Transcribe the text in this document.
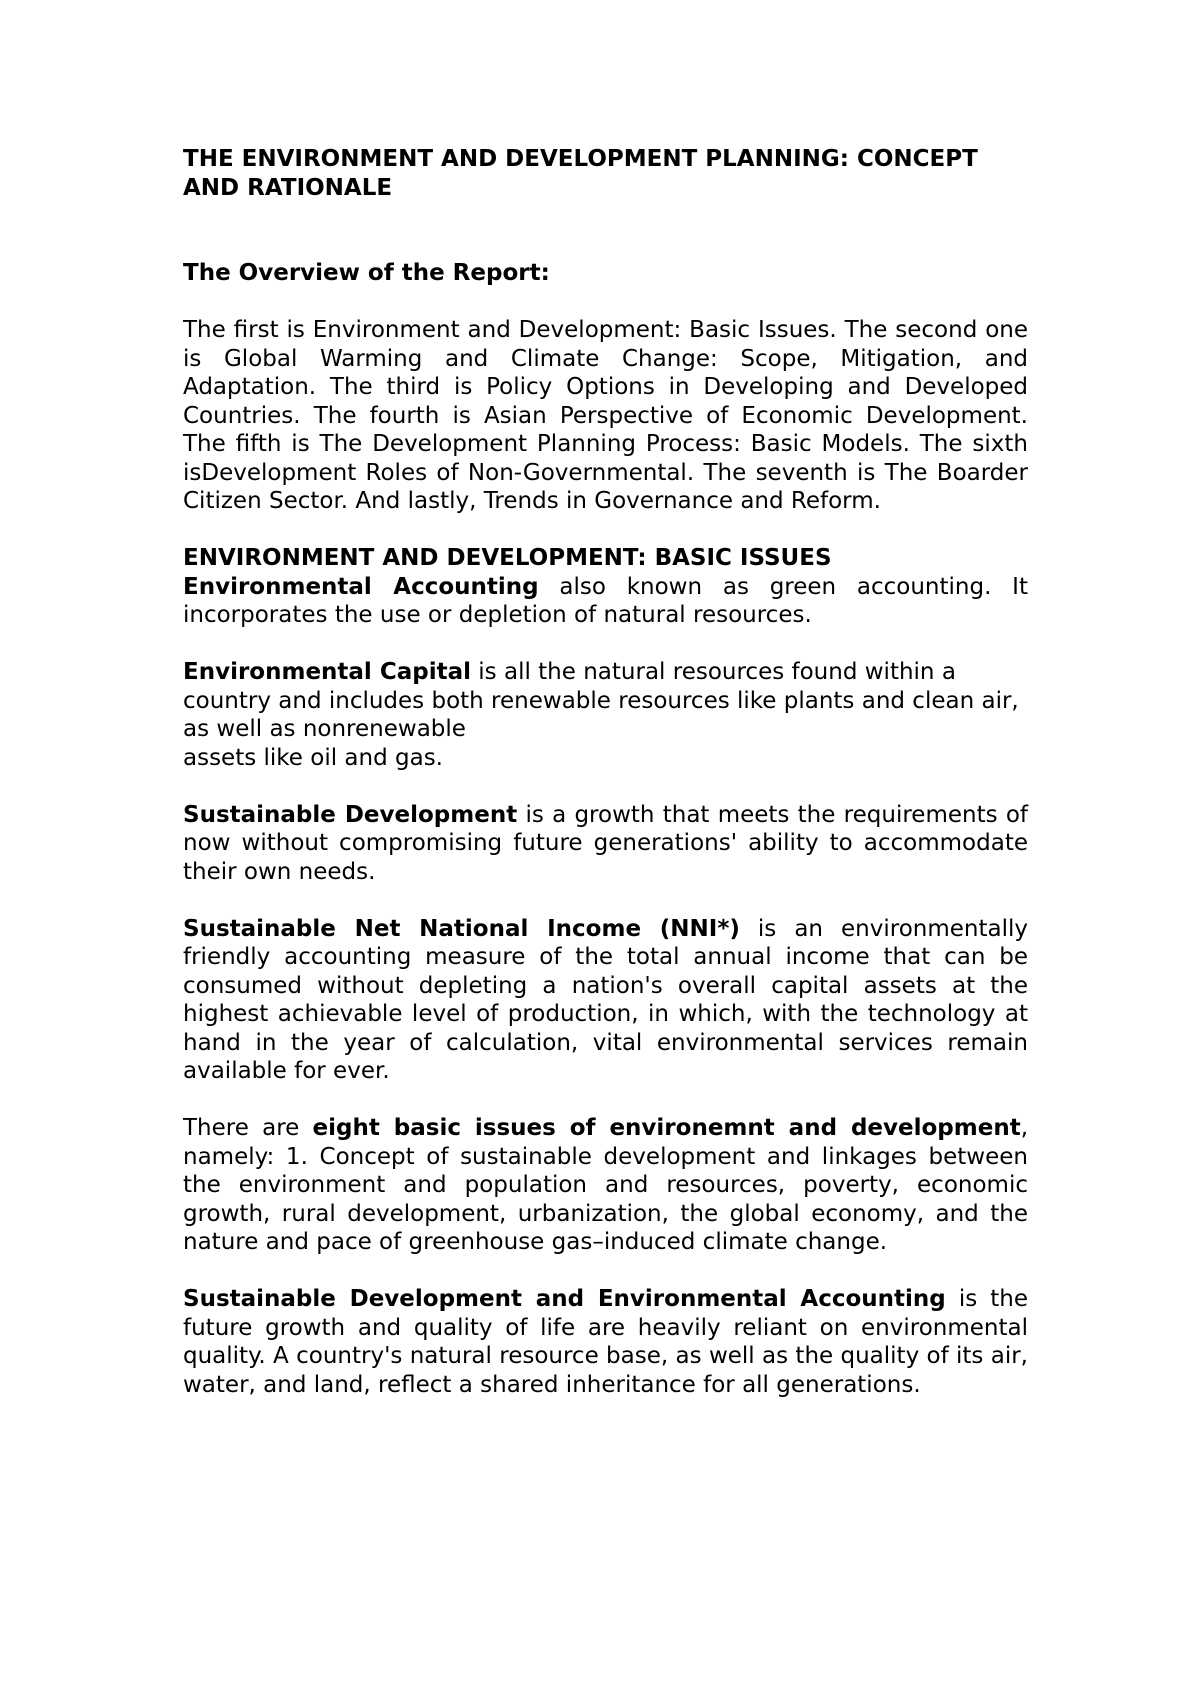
THE ENVIRONMENT AND DEVELOPMENT PLANNING: CONCEPT AND RATIONALE
The Overview of the Report:

The first is Environment and Development: Basic Issues. The second one is Global Warming and Climate Change: Scope, Mitigation, and Adaptation. The third is Policy Options in Developing and Developed Countries. The fourth is Asian Perspective of Economic Development. The fifth is The Development Planning Process: Basic Models. The sixth isDevelopment Roles of Non-Governmental. The seventh is The Boarder Citizen Sector. And lastly, Trends in Governance and Reform.

ENVIRONMENT AND DEVELOPMENT: BASIC ISSUES

Environmental Accounting also known as green accounting. It incorporates the use or depletion of natural resources.

Environmental Capital is all the natural resources found within a country and includes both renewable resources like plants and clean air, as well as nonrenewable
assets like oil and gas.

Sustainable Development is a growth that meets the requirements of now without compromising future generations' ability to accommodate their own needs.

Sustainable Net National Income (NNI*) is an environmentally friendly accounting measure of the total annual income that can be consumed without depleting a nation's overall capital assets at the highest achievable level of production, in which, with the technology at hand in the year of calculation, vital environmental services remain available for ever.

There are eight basic issues of environemnt and development, namely: 1. Concept of sustainable development and linkages between the environment and population and resources, poverty, economic growth, rural development, urbanization, the global economy, and the nature and pace of greenhouse gas–induced climate change.

Sustainable Development and Environmental Accounting is the future growth and quality of life are heavily reliant on environmental quality. A country's natural resource base, as well as the quality of its air, water, and land, reflect a shared inheritance for all generations.
